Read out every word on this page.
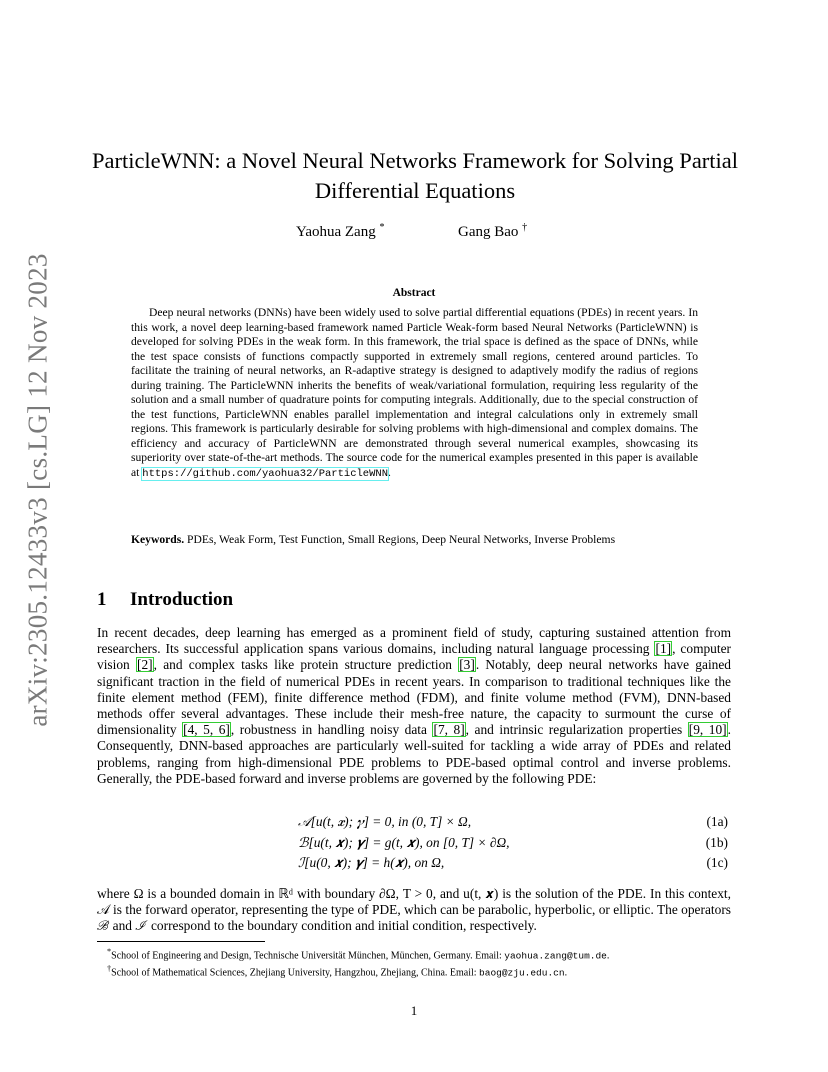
arXiv:2305.12433v3 [cs.LG] 12 Nov 2023
ParticleWNN: a Novel Neural Networks Framework for Solving Partial Differential Equations
Yaohua Zang *	Gang Bao †
Abstract

Deep neural networks (DNNs) have been widely used to solve partial differential equations (PDEs) in recent years. In this work, a novel deep learning-based framework named Particle Weak-form based Neural Networks (ParticleWNN) is developed for solving PDEs in the weak form. In this framework, the trial space is defined as the space of DNNs, while the test space consists of functions compactly supported in extremely small regions, centered around particles. To facilitate the training of neural networks, an R-adaptive strategy is designed to adaptively modify the radius of regions during training. The ParticleWNN inherits the benefits of weak/variational formulation, requiring less regularity of the solution and a small number of quadrature points for computing integrals. Additionally, due to the special construction of the test functions, ParticleWNN enables parallel implementation and integral calculations only in extremely small regions. This framework is particularly desirable for solving problems with high-dimensional and complex domains. The efficiency and accuracy of ParticleWNN are demonstrated through several numerical examples, showcasing its superiority over state-of-the-art methods. The source code for the numerical examples presented in this paper is available at https://github.com/yaohua32/ParticleWNN.

Keywords. PDEs, Weak Form, Test Function, Small Regions, Deep Neural Networks, Inverse Problems
1 Introduction

In recent decades, deep learning has emerged as a prominent field of study, capturing sustained attention from researchers. Its successful application spans various domains, including natural language processing [1], computer vision [2], and complex tasks like protein structure prediction [3]. Notably, deep neural networks have gained significant traction in the field of numerical PDEs in recent years. In comparison to traditional techniques like the finite element method (FEM), finite difference method (FDM), and finite volume method (FVM), DNN-based methods offer several advantages. These include their mesh-free nature, the capacity to surmount the curse of dimensionality [4, 5, 6], robustness in handling noisy data [7, 8], and intrinsic regularization properties [9, 10]. Consequently, DNN-based approaches are particularly well-suited for tackling a wide array of PDEs and related problems, ranging from high-dimensional PDE problems to PDE-based optimal control and inverse problems. Generally, the PDE-based forward and inverse problems are governed by the following PDE:

𝒜[u(t, 𝒙); 𝜸] = 0, in (0, T] × Ω,	(1a)
ℬ[u(t, 𝒙); 𝜸] = g(t, 𝒙), on [0, T] × ∂Ω,	(1b)
ℐ[u(0, 𝒙); 𝜸] = h(𝒙), on Ω,	(1c)

where Ω is a bounded domain in ℝᵈ with boundary ∂Ω, T > 0, and u(t, 𝒙) is the solution of the PDE. In this context, 𝒜 is the forward operator, representing the type of PDE, which can be parabolic, hyperbolic, or elliptic. The operators ℬ and ℐ correspond to the boundary condition and initial condition, respectively.

*School of Engineering and Design, Technische Universität München, München, Germany. Email: yaohua.zang@tum.de.
†School of Mathematical Sciences, Zhejiang University, Hangzhou, Zhejiang, China. Email: baog@zju.edu.cn.
1
